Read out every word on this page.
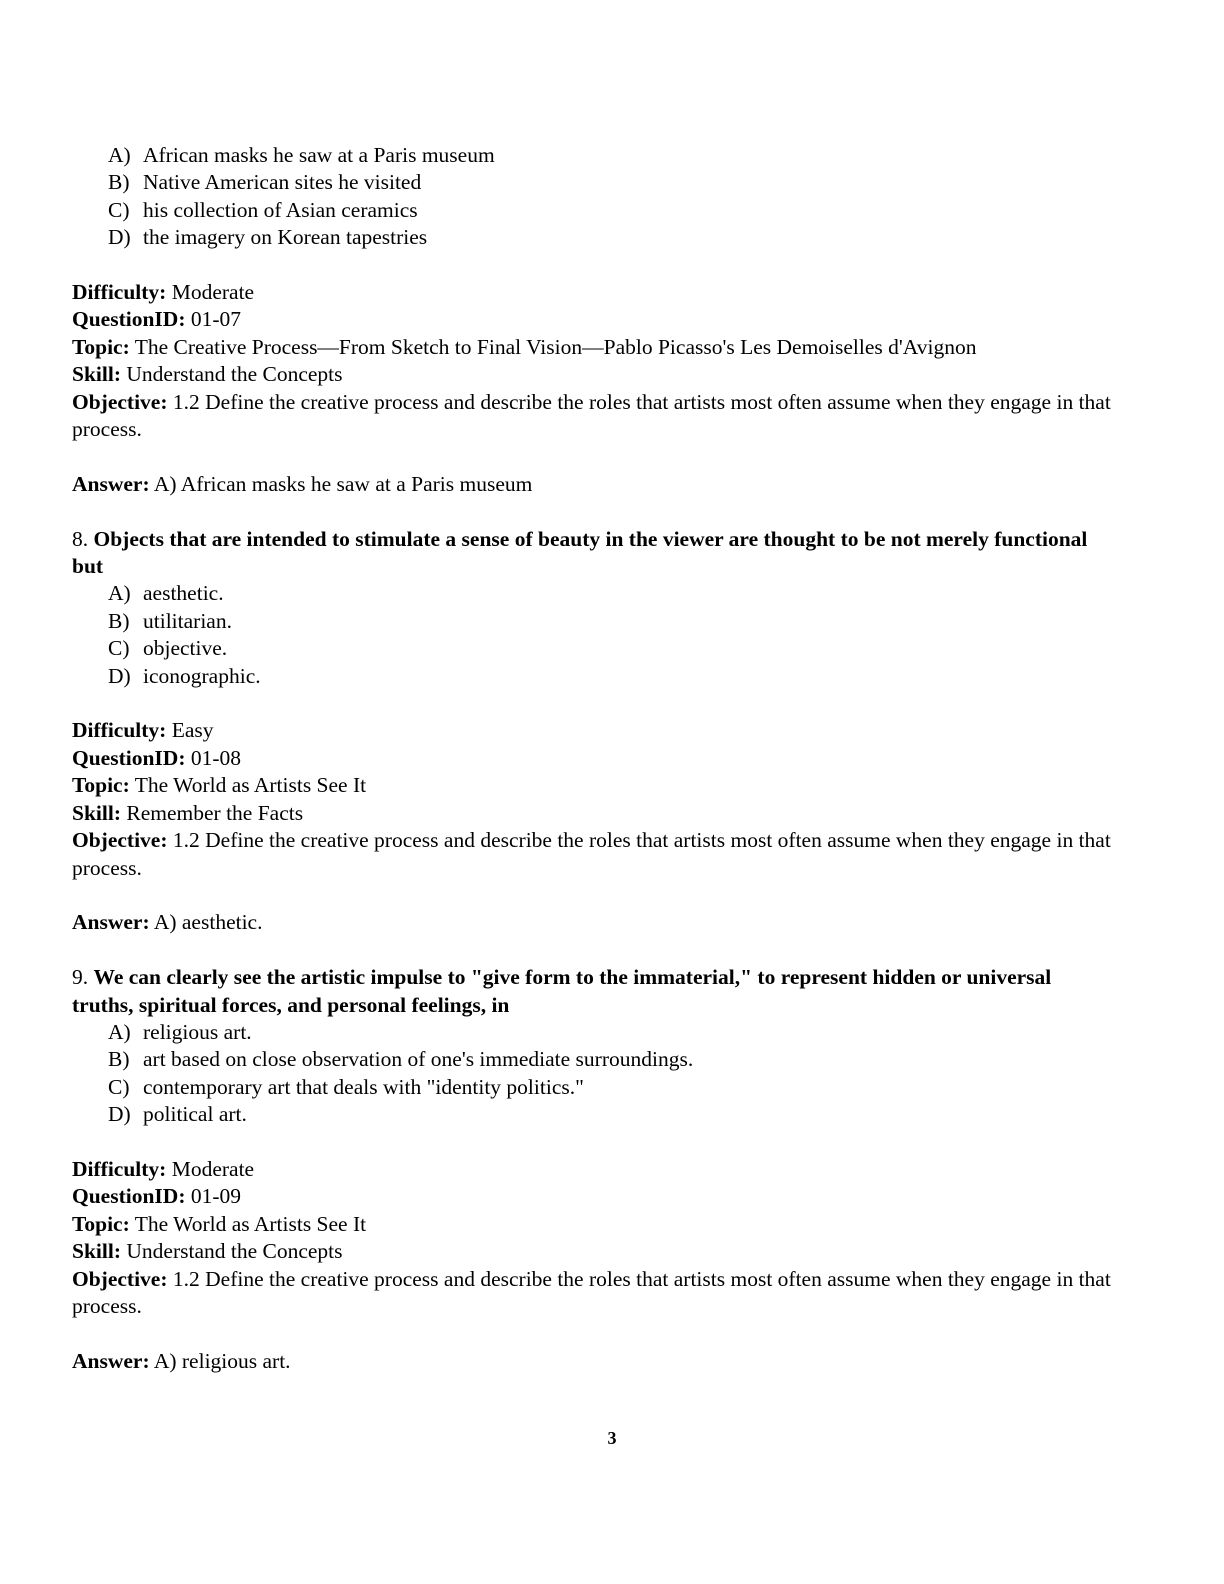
A) African masks he saw at a Paris museum
B) Native American sites he visited
C) his collection of Asian ceramics
D) the imagery on Korean tapestries

Difficulty: Moderate

QuestionID: 01-07

Topic: The Creative Process—From Sketch to Final Vision—Pablo Picasso's Les Demoiselles d'Avignon

Skill: Understand the Concepts

Objective: 1.2 Define the creative process and describe the roles that artists most often assume when they engage in that process.

Answer: A) African masks he saw at a Paris museum

8. Objects that are intended to stimulate a sense of beauty in the viewer are thought to be not merely functional but

A) aesthetic.
B) utilitarian.
C) objective.
D) iconographic.

Difficulty: Easy

QuestionID: 01-08

Topic: The World as Artists See It

Skill: Remember the Facts

Objective: 1.2 Define the creative process and describe the roles that artists most often assume when they engage in that process.

Answer: A) aesthetic.

9. We can clearly see the artistic impulse to "give form to the immaterial," to represent hidden or universal truths, spiritual forces, and personal feelings, in

A) religious art.
B) art based on close observation of one's immediate surroundings.
C) contemporary art that deals with "identity politics."
D) political art.

Difficulty: Moderate

QuestionID: 01-09

Topic: The World as Artists See It

Skill: Understand the Concepts

Objective: 1.2 Define the creative process and describe the roles that artists most often assume when they engage in that process.

Answer: A) religious art.

3
